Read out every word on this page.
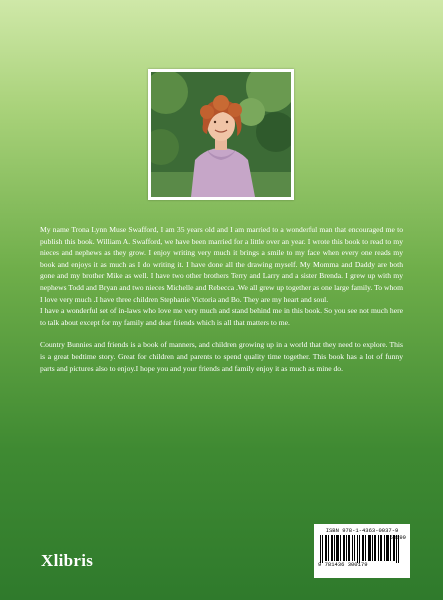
My name Trona Lynn Muse Swafford, I am 35 years old and I am married to a wonderful man that encouraged me to publish this book. William A. Swafford, we have been married for a little over an year. I wrote this book to read to my nieces and nephews as they grow. I enjoy writing very much it brings a smile to my face when every one reads my book and enjoys it as much as I do writing it. I have done all the drawing myself. My Momma and Daddy are both gone and my brother Mike as well. I have two other brothers Terry and Larry and a sister Brenda. I grew up with my nephews Todd and Bryan and two nieces Michelle and Rebecca .We all grew up together as one large family. To whom I love very much .I have three children Stephanie Victoria and Bo. They are my heart and soul.

I have a wonderful set of in-laws who love me very much and stand behind me in this book. So you see not much here to talk about except for my family and dear friends which is all that matters to me.

Country Bunnies and friends is a book of manners, and children growing up in a world that they need to explore. This is a great bedtime story. Great for children and parents to spend quality time together. This book has a lot of funny parts and pictures also to enjoy.I hope you and your friends and family enjoy it as much as mine do.

Xlibris
ISBN 978-1-4363-0037-9
53199
9 781436 300179
